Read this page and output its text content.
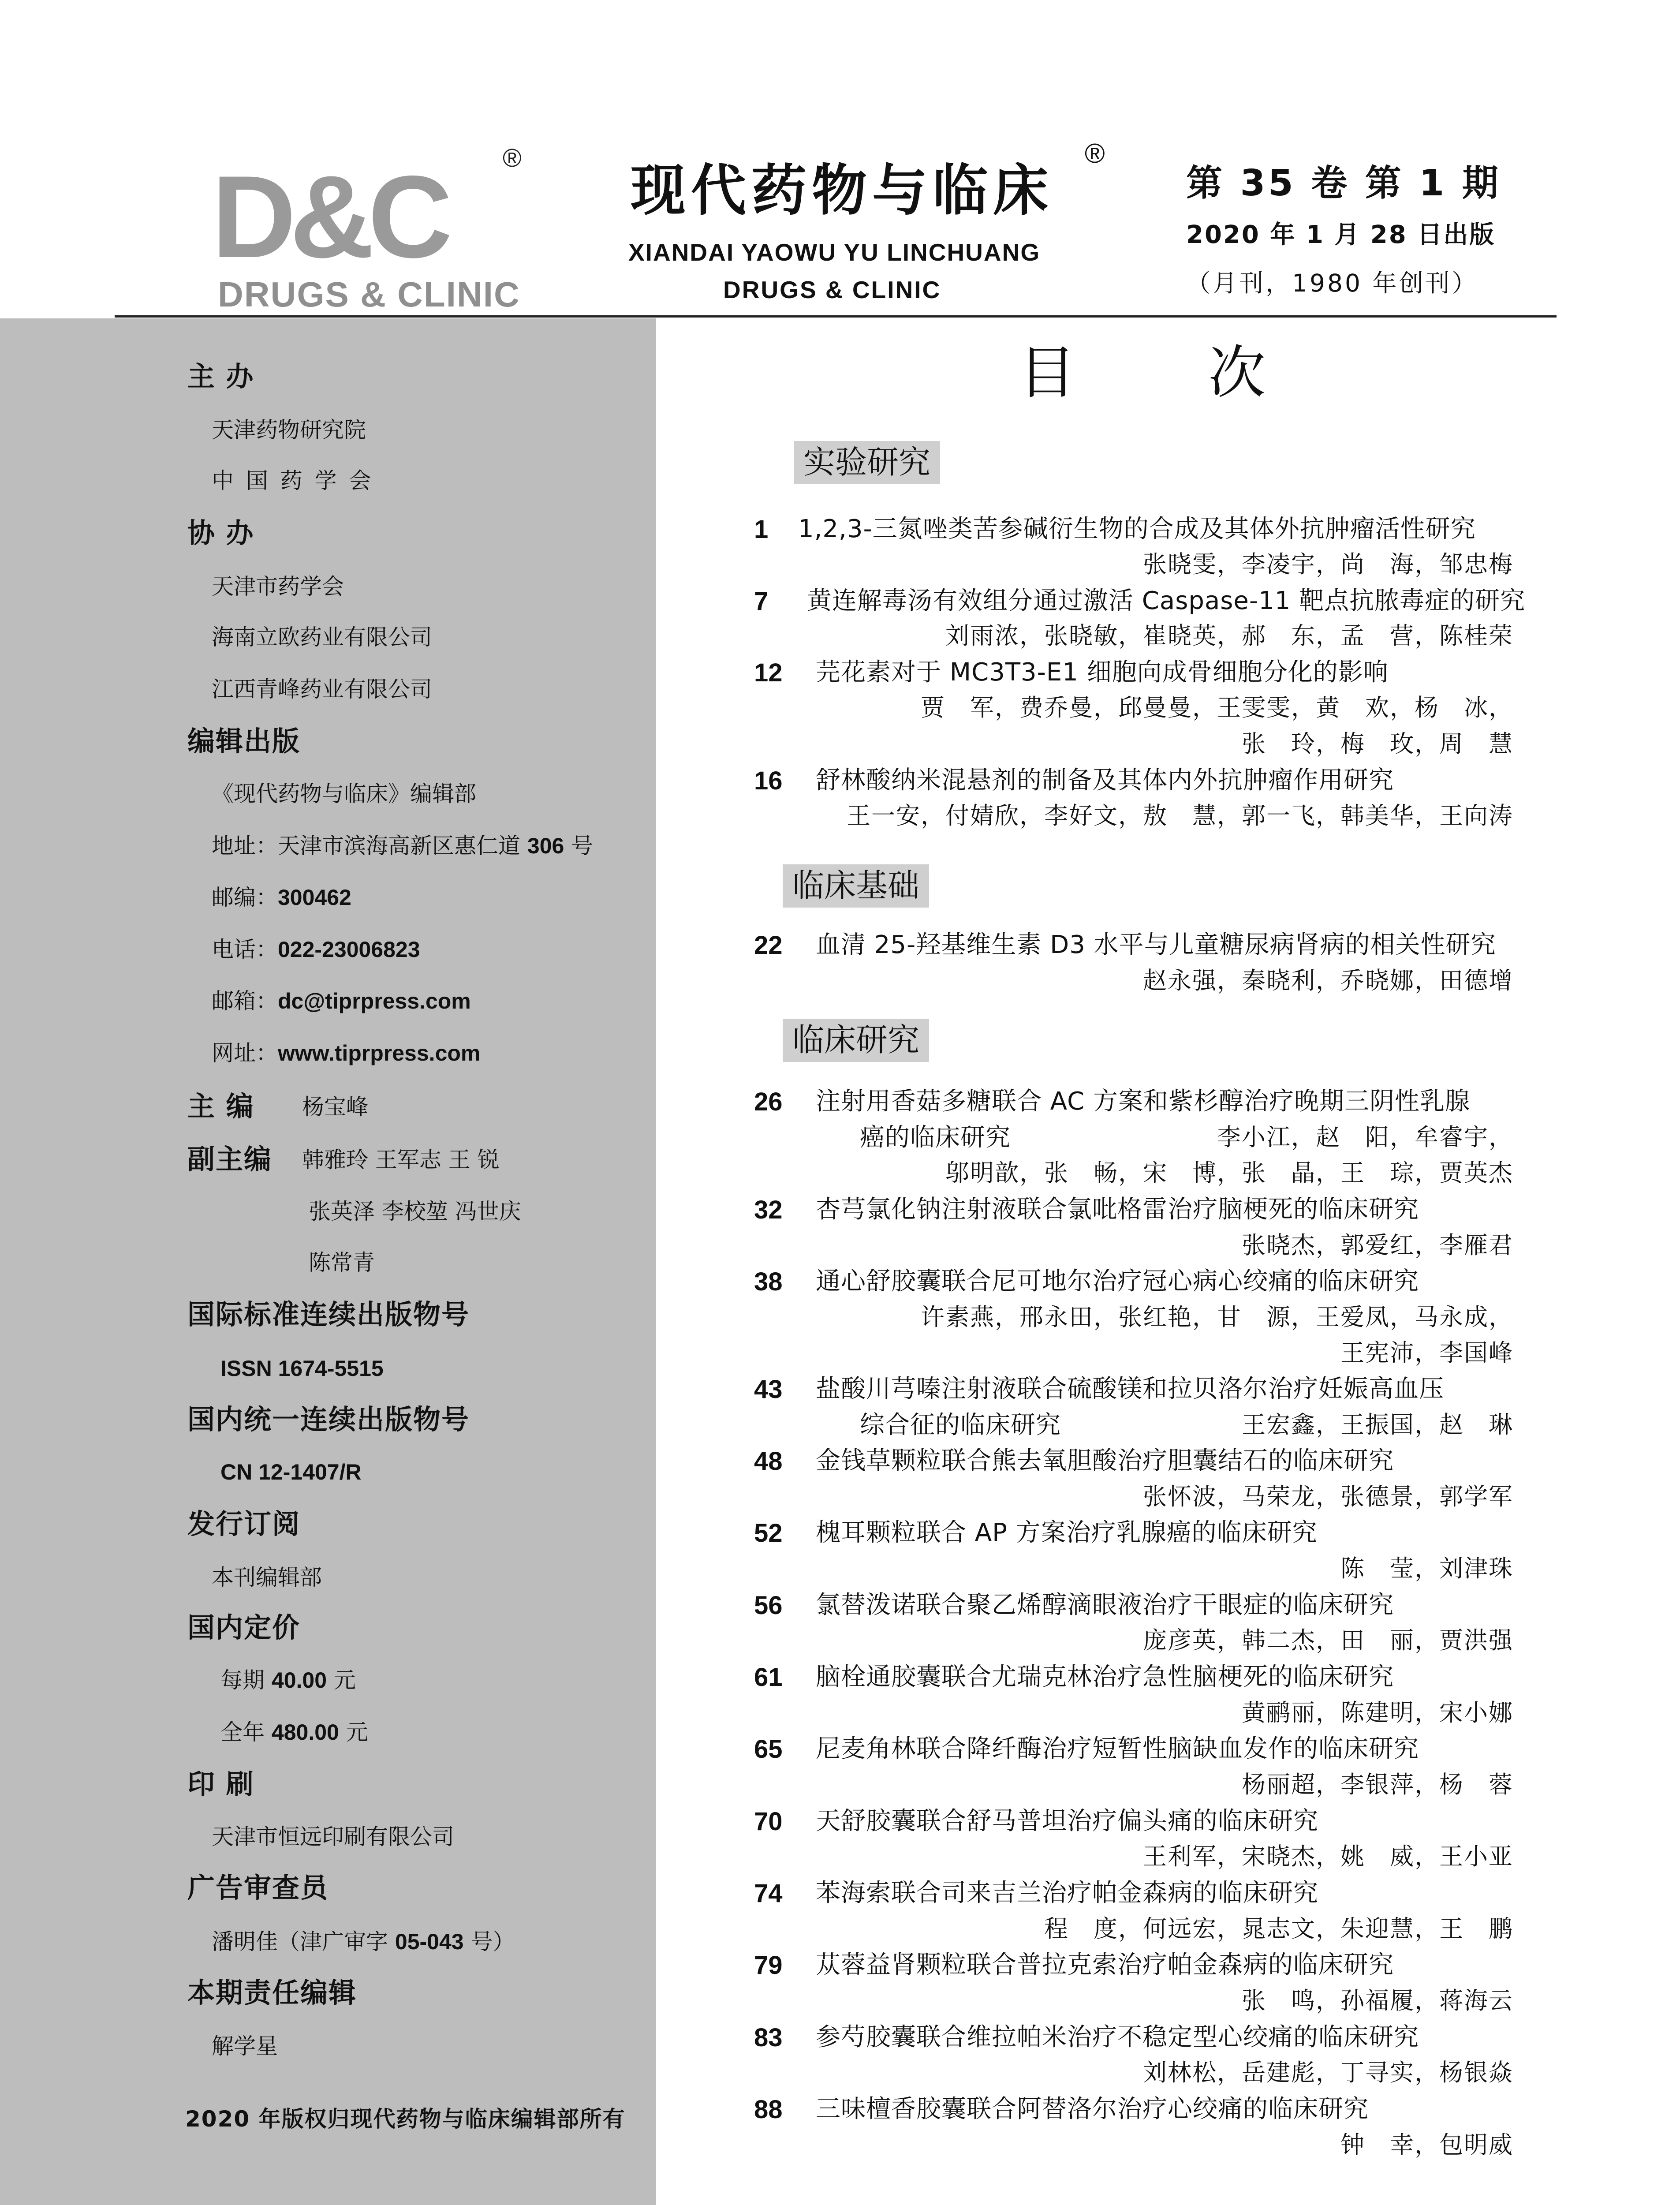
D&C
DRUGS & CLINIC
®
现代药物与临床
®
XIANDAI YAOWU YU LINCHUANG
DRUGS & CLINIC
第 35 卷 第 1 期
2020 年 1 月 28 日出版
（月刊，1980 年创刊）
主 办
天津药物研究院
中 国 药 学 会
协 办
天津市药学会
海南立欧药业有限公司
江西青峰药业有限公司
编辑出版
《现代药物与临床》编辑部
地址：天津市滨海高新区惠仁道 306 号
邮编：300462
电话：022-23006823
邮箱：dc@tiprpress.com
网址：www.tiprpress.com
主 编 杨宝峰
副主编 韩雅玲 王军志 王 锐
张英泽 李校堃 冯世庆
陈常青
国际标准连续出版物号
ISSN 1674-5515
国内统一连续出版物号
CN 12-1407/R
发行订阅
本刊编辑部
国内定价
每期 40.00 元
全年 480.00 元
印 刷
天津市恒远印刷有限公司
广告审查员
潘明佳（津广审字 05-043 号）
本期责任编辑
解学星
2020 年版权归现代药物与临床编辑部所有
目次
实验研究
1 1,2,3-三氮唑类苦参碱衍生物的合成及其体外抗肿瘤活性研究
张晓雯，李凌宇，尚　海，邹忠梅
7 黄连解毒汤有效组分通过激活 Caspase-11 靶点抗脓毒症的研究
刘雨浓，张晓敏，崔晓英，郝　东，孟　营，陈桂荣
12 芫花素对于 MC3T3-E1 细胞向成骨细胞分化的影响
贾　军，费乔曼，邱曼曼，王雯雯，黄　欢，杨　冰，
张　玲，梅　玫，周　慧
16 舒林酸纳米混悬剂的制备及其体内外抗肿瘤作用研究
王一安，付婧欣，李好文，敖　慧，郭一飞，韩美华，王向涛
临床基础
22 血清 25-羟基维生素 D3 水平与儿童糖尿病肾病的相关性研究
赵永强，秦晓利，乔晓娜，田德增
临床研究
26 注射用香菇多糖联合 AC 方案和紫杉醇治疗晚期三阴性乳腺
癌的临床研究	李小江，赵　阳，牟睿宇，
邬明歆，张　畅，宋　博，张　晶，王　琮，贾英杰
32 杏芎氯化钠注射液联合氯吡格雷治疗脑梗死的临床研究
张晓杰，郭爱红，李雁君
38 通心舒胶囊联合尼可地尔治疗冠心病心绞痛的临床研究
许素燕，邢永田，张红艳，甘　源，王爱凤，马永成，
王宪沛，李国峰
43 盐酸川芎嗪注射液联合硫酸镁和拉贝洛尔治疗妊娠高血压
综合征的临床研究	王宏鑫，王振国，赵　琳
48 金钱草颗粒联合熊去氧胆酸治疗胆囊结石的临床研究
张怀波，马荣龙，张德景，郭学军
52 槐耳颗粒联合 AP 方案治疗乳腺癌的临床研究
陈　莹，刘津珠
56 氯替泼诺联合聚乙烯醇滴眼液治疗干眼症的临床研究
庞彦英，韩二杰，田　丽，贾洪强
61 脑栓通胶囊联合尤瑞克林治疗急性脑梗死的临床研究
黄鹂丽，陈建明，宋小娜
65 尼麦角林联合降纤酶治疗短暂性脑缺血发作的临床研究
杨丽超，李银萍，杨　蓉
70 天舒胶囊联合舒马普坦治疗偏头痛的临床研究
王利军，宋晓杰，姚　威，王小亚
74 苯海索联合司来吉兰治疗帕金森病的临床研究
程　度，何远宏，晁志文，朱迎慧，王　鹏
79 苁蓉益肾颗粒联合普拉克索治疗帕金森病的临床研究
张　鸣，孙福履，蒋海云
83 参芍胶囊联合维拉帕米治疗不稳定型心绞痛的临床研究
刘林松，岳建彪，丁寻实，杨银焱
88 三味檀香胶囊联合阿替洛尔治疗心绞痛的临床研究
钟　幸，包明威
